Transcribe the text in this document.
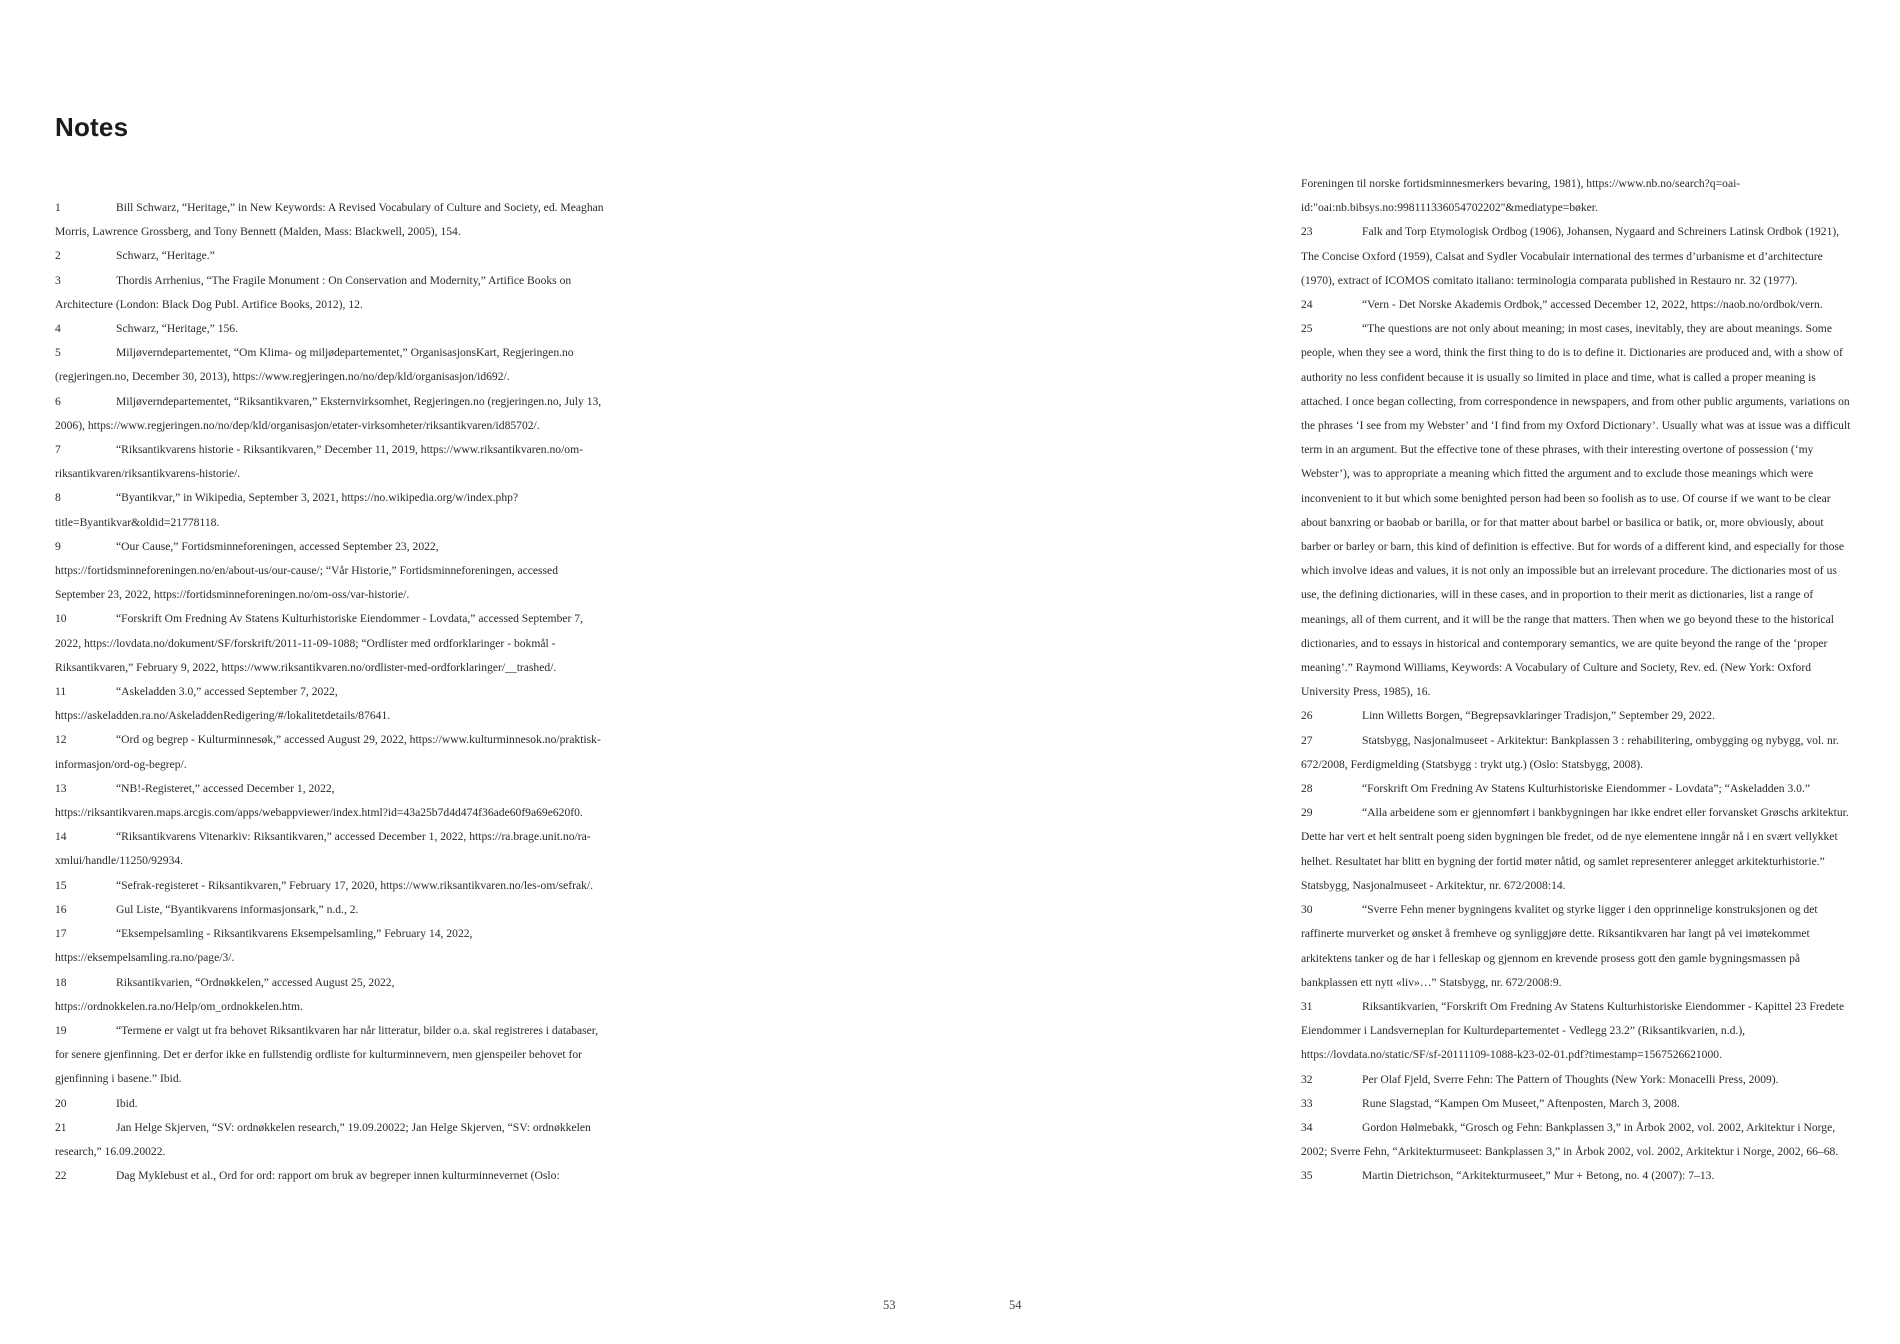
Notes

1	Bill Schwarz, “Heritage,” in New Keywords: A Revised Vocabulary of Culture and Society, ed. Meaghan Morris, Lawrence Grossberg, and Tony Bennett (Malden, Mass: Blackwell, 2005), 154.

2	Schwarz, “Heritage.”

3	Thordis Arrhenius, “The Fragile Monument : On Conservation and Modernity,” Artifice Books on Architecture (London: Black Dog Publ. Artifice Books, 2012), 12.

4	Schwarz, “Heritage,” 156.

5	Miljøverndepartementet, “Om Klima- og miljødepartementet,” OrganisasjonsKart, Regjeringen.no (regjeringen.no, December 30, 2013), https://www.regjeringen.no/no/dep/kld/organisasjon/id692/.

6	Miljøverndepartementet, “Riksantikvaren,” Eksternvirksomhet, Regjeringen.no (regjeringen.no, July 13, 2006), https://www.regjeringen.no/no/dep/kld/organisasjon/etater-virksomheter/riksantikvaren/id85702/.

7	“Riksantikvarens historie - Riksantikvaren,” December 11, 2019, https://www.riksantikvaren.no/om-riksantikvaren/riksantikvarens-historie/.

8	“Byantikvar,” in Wikipedia, September 3, 2021, https://no.wikipedia.org/w/index.php?title=Byantikvar&oldid=21778118.

9	“Our Cause,” Fortidsminneforeningen, accessed September 23, 2022, https://fortidsminneforeningen.no/en/about-us/our-cause/; “Vår Historie,” Fortidsminneforeningen, accessed September 23, 2022, https://fortidsminneforeningen.no/om-oss/var-historie/.

10	“Forskrift Om Fredning Av Statens Kulturhistoriske Eiendommer - Lovdata,” accessed September 7, 2022, https://lovdata.no/dokument/SF/forskrift/2011-11-09-1088; “Ordlister med ordforklaringer - bokmål - Riksantikvaren,” February 9, 2022, https://www.riksantikvaren.no/ordlister-med-ordforklaringer/__trashed/.

11	“Askeladden 3.0,” accessed September 7, 2022, https://askeladden.ra.no/AskeladdenRedigering/#/lokalitetdetails/87641.

12	“Ord og begrep - Kulturminnesøk,” accessed August 29, 2022, https://www.kulturminnesok.no/praktisk-informasjon/ord-og-begrep/.

13	“NB!-Registeret,” accessed December 1, 2022, https://riksantikvaren.maps.arcgis.com/apps/webappviewer/index.html?id=43a25b7d4d474f36ade60f9a69e620f0.

14	“Riksantikvarens Vitenarkiv: Riksantikvaren,” accessed December 1, 2022, https://ra.brage.unit.no/ra-xmlui/handle/11250/92934.

15	“Sefrak-registeret - Riksantikvaren,” February 17, 2020, https://www.riksantikvaren.no/les-om/sefrak/.

16	Gul Liste, “Byantikvarens informasjonsark,” n.d., 2.

17	“Eksempelsamling - Riksantikvarens Eksempelsamling,” February 14, 2022, https://eksempelsamling.ra.no/page/3/.

18	Riksantikvarien, “Ordnøkkelen,” accessed August 25, 2022, https://ordnokkelen.ra.no/Help/om_ordnokkelen.htm.

19	“Termene er valgt ut fra behovet Riksantikvaren har når litteratur, bilder o.a. skal registreres i databaser, for senere gjenfinning. Det er derfor ikke en fullstendig ordliste for kulturminnevern, men gjenspeiler behovet for gjenfinning i basene.” Ibid.

20	Ibid.

21	Jan Helge Skjerven, “SV: ordnøkkelen research,” 19.09.20022; Jan Helge Skjerven, “SV: ordnøkkelen research,” 16.09.20022.

22	Dag Myklebust et al., Ord for ord: rapport om bruk av begreper innen kulturminnevernet (Oslo:

53

Foreningen til norske fortidsminnesmerkers bevaring, 1981), https://www.nb.no/search?q=oai-id:"oai:nb.bibsys.no:998111336054702202"&mediatype=bøker.

23	Falk and Torp Etymologisk Ordbog (1906), Johansen, Nygaard and Schreiners Latinsk Ordbok (1921), The Concise Oxford (1959), Calsat and Sydler Vocabulair international des termes d’urbanisme et d’architecture (1970), extract of ICOMOS comitato italiano: terminologia comparata published in Restauro nr. 32 (1977).

24	“Vern - Det Norske Akademis Ordbok,” accessed December 12, 2022, https://naob.no/ordbok/vern.

25	“The questions are not only about meaning; in most cases, inevitably, they are about meanings. Some people, when they see a word, think the first thing to do is to define it. Dictionaries are produced and, with a show of authority no less confident because it is usually so limited in place and time, what is called a proper meaning is attached. I once began collecting, from correspondence in newspapers, and from other public arguments, variations on the phrases ‘I see from my Webster’ and ‘I find from my Oxford Dictionary’. Usually what was at issue was a difficult term in an argument. But the effective tone of these phrases, with their interesting overtone of possession (‘my Webster’), was to appropriate a meaning which fitted the argument and to exclude those meanings which were inconvenient to it but which some benighted person had been so foolish as to use. Of course if we want to be clear about banxring or baobab or barilla, or for that matter about barbel or basilica or batik, or, more obviously, about barber or barley or barn, this kind of definition is effective. But for words of a different kind, and especially for those which involve ideas and values, it is not only an impossible but an irrelevant procedure. The dictionaries most of us use, the defining dictionaries, will in these cases, and in proportion to their merit as dictionaries, list a range of meanings, all of them current, and it will be the range that matters. Then when we go beyond these to the historical dictionaries, and to essays in historical and contemporary semantics, we are quite beyond the range of the ‘proper meaning’.” Raymond Williams, Keywords: A Vocabulary of Culture and Society, Rev. ed. (New York: Oxford University Press, 1985), 16.

26	Linn Willetts Borgen, “Begrepsavklaringer Tradisjon,” September 29, 2022.

27	Statsbygg, Nasjonalmuseet - Arkitektur: Bankplassen 3 : rehabilitering, ombygging og nybygg, vol. nr. 672/2008, Ferdigmelding (Statsbygg : trykt utg.) (Oslo: Statsbygg, 2008).

28	“Forskrift Om Fredning Av Statens Kulturhistoriske Eiendommer - Lovdata”; “Askeladden 3.0.”

29	“Alla arbeidene som er gjennomført i bankbygningen har ikke endret eller forvansket Grøschs arkitektur. Dette har vert et helt sentralt poeng siden bygningen ble fredet, od de nye elementene inngår nå i en svært vellykket helhet. Resultatet har blitt en bygning der fortid møter nåtid, og samlet representerer anlegget arkitekturhistorie.” Statsbygg, Nasjonalmuseet - Arkitektur, nr. 672/2008:14.

30	“Sverre Fehn mener bygningens kvalitet og styrke ligger i den opprinnelige konstruksjonen og det raffinerte murverket og ønsket å fremheve og synliggjøre dette. Riksantikvaren har langt på vei imøtekommet arkitektens tanker og de har i felleskap og gjennom en krevende prosess gott den gamle bygningsmassen på bankplassen ett nytt «liv»…” Statsbygg, nr. 672/2008:9.

31	Riksantikvarien, “Forskrift Om Fredning Av Statens Kulturhistoriske Eiendommer - Kapittel 23 Fredete Eiendommer i Landsverneplan for Kulturdepartementet - Vedlegg 23.2” (Riksantikvarien, n.d.), https://lovdata.no/static/SF/sf-20111109-1088-k23-02-01.pdf?timestamp=1567526621000.

32	Per Olaf Fjeld, Sverre Fehn: The Pattern of Thoughts (New York: Monacelli Press, 2009).

33	Rune Slagstad, “Kampen Om Museet,” Aftenposten, March 3, 2008.

34	Gordon Hølmebakk, “Grosch og Fehn: Bankplassen 3,” in Årbok 2002, vol. 2002, Arkitektur i Norge, 2002; Sverre Fehn, “Arkitekturmuseet: Bankplassen 3,” in Årbok 2002, vol. 2002, Arkitektur i Norge, 2002, 66–68.

35	Martin Dietrichson, “Arkitekturmuseet,” Mur + Betong, no. 4 (2007): 7–13.

54
